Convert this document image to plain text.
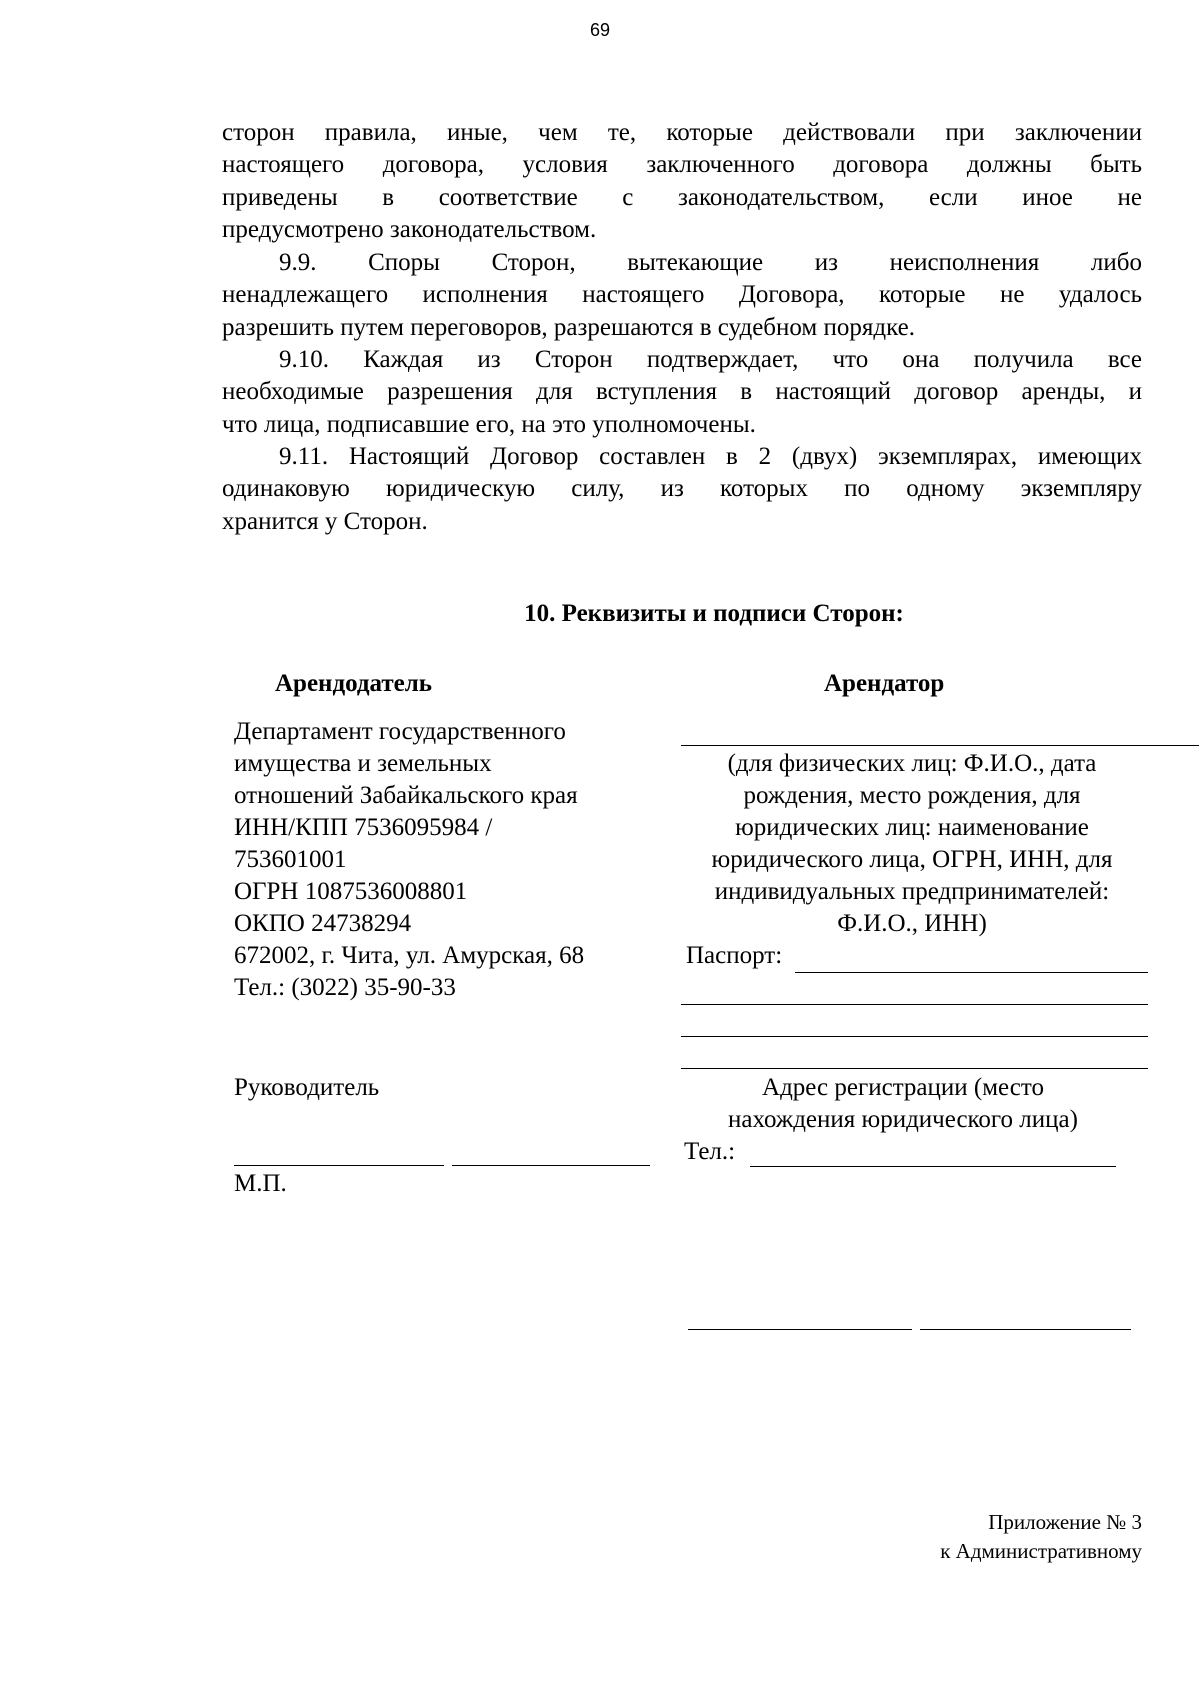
69
сторон правила, иные, чем те, которые действовали при заключении
настоящего договора, условия заключенного договора должны быть
приведены в соответствие с законодательством, если иное не
предусмотрено законодательством.
9.9. Споры Сторон, вытекающие из неисполнения либо
ненадлежащего исполнения настоящего Договора, которые не удалось
разрешить путем переговоров, разрешаются в судебном порядке.
9.10. Каждая из Сторон подтверждает, что она получила все
необходимые разрешения для вступления в настоящий договор аренды, и
что лица, подписавшие его, на это уполномочены.
9.11. Настоящий Договор составлен в 2 (двух) экземплярах, имеющих
одинаковую юридическую силу, из которых по одному экземпляру
хранится у Сторон.
10. Реквизиты и подписи Сторон:
Арендодатель	Арендатор
Департамент государственного
имущества и земельных
отношений Забайкальского края
ИНН/КПП 7536095984 /
753601001
ОГРН 1087536008801
ОКПО 24738294
672002, г. Чита, ул. Амурская, 68
Тел.: (3022) 35-90-33
Руководитель
М.П.
(для физических лиц: Ф.И.О., дата
рождения, место рождения, для
юридических лиц: наименование
юридического лица, ОГРН, ИНН, для
индивидуальных предпринимателей:
Ф.И.О., ИНН)
Паспорт:
Адрес регистрации (место
нахождения юридического лица)
Тел.:
Приложение № 3
к Административному
